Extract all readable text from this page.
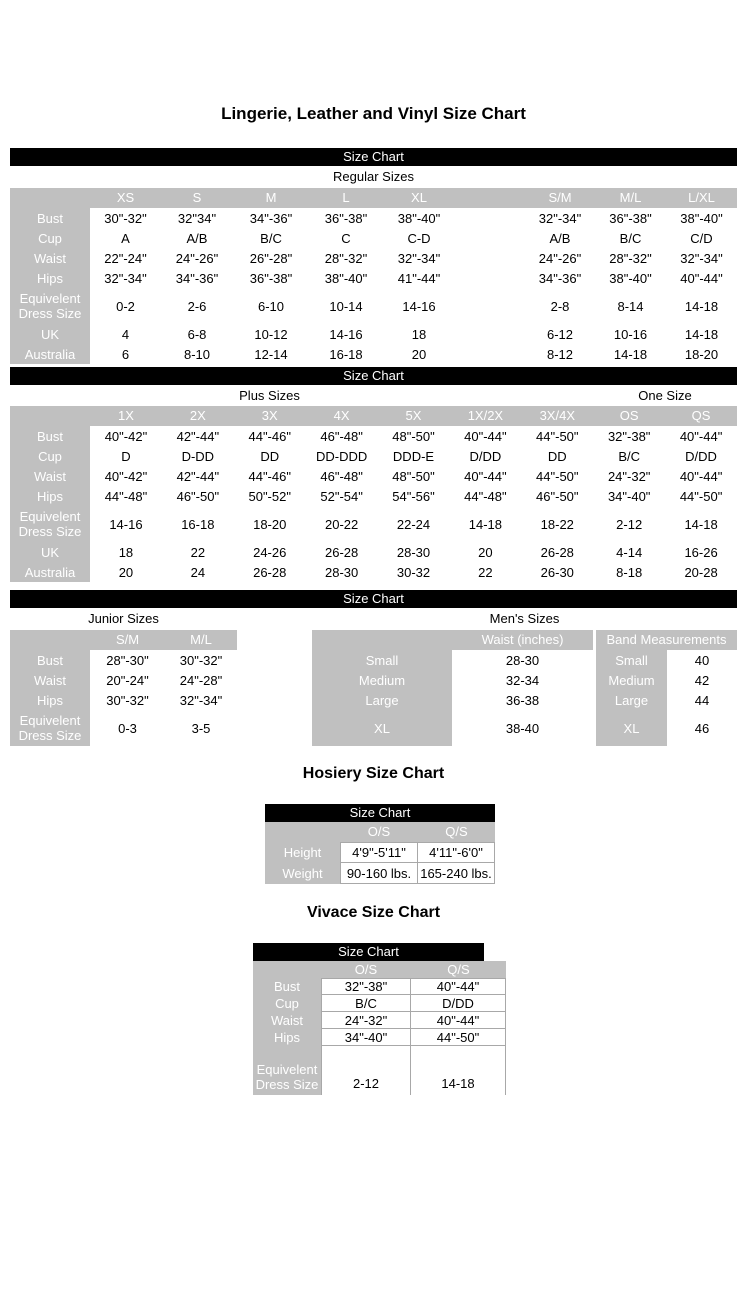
Lingerie, Leather and Vinyl Size Chart
Size Chart
Regular Sizes
XS	S	M	L	XL	S/M	M/L	L/XL
Bust	30"-32"	32"34"	34"-36"	36"-38"	38"-40"	32"-34"	36"-38"	38"-40"
Cup	A	A/B	B/C	C	C-D	A/B	B/C	C/D
Waist	22"-24"	24"-26"	26"-28"	28"-32"	32"-34"	24"-26"	28"-32"	32"-34"
Hips	32"-34"	34"-36"	36"-38"	38"-40"	41"-44"	34"-36"	38"-40"	40"-44"
Equivelent Dress Size	0-2	2-6	6-10	10-14	14-16	2-8	8-14	14-18
UK	4	6-8	10-12	14-16	18	6-12	10-16	14-18
Australia	6	8-10	12-14	16-18	20	8-12	14-18	18-20
Size Chart
Plus Sizes	One Size
1X	2X	3X	4X	5X	1X/2X	3X/4X	OS	QS
Bust	40"-42"	42"-44"	44"-46"	46"-48"	48"-50"	40"-44"	44"-50"	32"-38"	40"-44"
Cup	D	D-DD	DD	DD-DDD	DDD-E	D/DD	DD	B/C	D/DD
Waist	40"-42"	42"-44"	44"-46"	46"-48"	48"-50"	40"-44"	44"-50"	24"-32"	40"-44"
Hips	44"-48"	46"-50"	50"-52"	52"-54"	54"-56"	44"-48"	46"-50"	34"-40"	44"-50"
Equivelent Dress Size	14-16	16-18	18-20	20-22	22-24	14-18	18-22	2-12	14-18
UK	18	22	24-26	26-28	28-30	20	26-28	4-14	16-26
Australia	20	24	26-28	28-30	30-32	22	26-30	8-18	20-28
Size Chart
Junior Sizes	Men's Sizes
S/M	M/L
Bust	28"-30"	30"-32"
Waist	20"-24"	24"-28"
Hips	30"-32"	32"-34"
Equivelent Dress Size	0-3	3-5
Waist (inches)
Small	28-30
Medium	32-34
Large	36-38
XL	38-40
Band Measurements
Small	40
Medium	42
Large	44
XL	46
Hosiery Size Chart
Size Chart
O/S	Q/S
Height	4'9"-5'11"	4'11"-6'0"
Weight	90-160 lbs. 165-240 lbs.
Vivace Size Chart
Size Chart
O/S	Q/S
Bust	32"-38"	40"-44"
Cup	B/C	D/DD
Waist	24"-32"	40"-44"
Hips	34"-40"	44"-50"
Equivelent Dress Size	2-12	14-18
